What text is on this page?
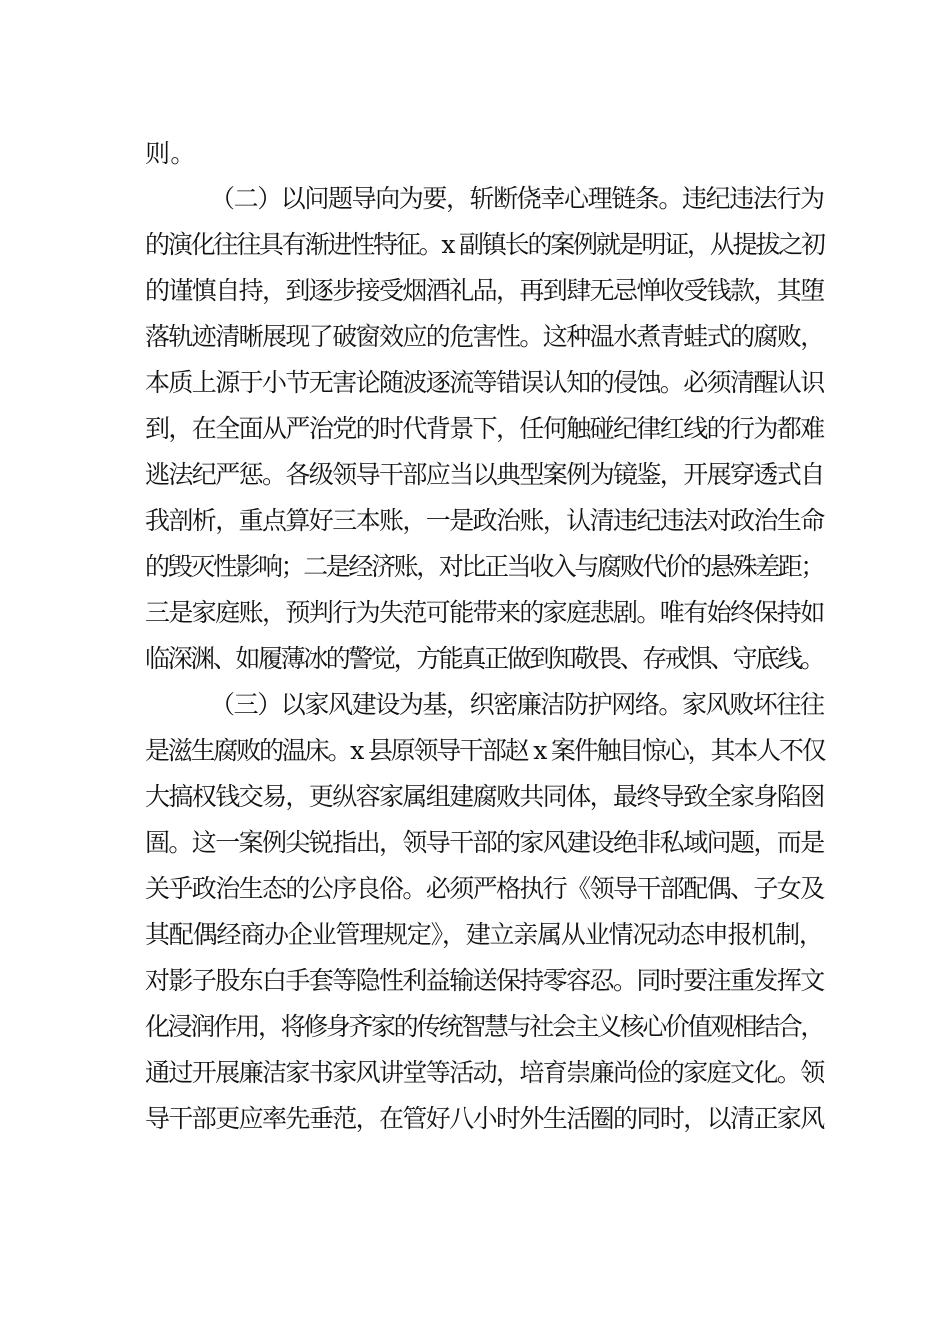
则。
（二）以问题导向为要，斩断侥幸心理链条。违纪违法行为
的演化往往具有渐进性特征。x 副镇长的案例就是明证，从提拔之初
的谨慎自持，到逐步接受烟酒礼品，再到肆无忌惮收受钱款，其堕
落轨迹清晰展现了破窗效应的危害性。这种温水煮青蛙式的腐败，
本质上源于小节无害论随波逐流等错误认知的侵蚀。必须清醒认识
到，在全面从严治党的时代背景下，任何触碰纪律红线的行为都难
逃法纪严惩。各级领导干部应当以典型案例为镜鉴，开展穿透式自
我剖析，重点算好三本账，一是政治账，认清违纪违法对政治生命
的毁灭性影响；二是经济账，对比正当收入与腐败代价的悬殊差距；
三是家庭账，预判行为失范可能带来的家庭悲剧。唯有始终保持如
临深渊、如履薄冰的警觉，方能真正做到知敬畏、存戒惧、守底线。
（三）以家风建设为基，织密廉洁防护网络。家风败坏往往
是滋生腐败的温床。x 县原领导干部赵 x 案件触目惊心，其本人不仅
大搞权钱交易，更纵容家属组建腐败共同体，最终导致全家身陷囹
圄。这一案例尖锐指出，领导干部的家风建设绝非私域问题，而是
关乎政治生态的公序良俗。必须严格执行《领导干部配偶、子女及
其配偶经商办企业管理规定》，建立亲属从业情况动态申报机制，
对影子股东白手套等隐性利益输送保持零容忍。同时要注重发挥文
化浸润作用，将修身齐家的传统智慧与社会主义核心价值观相结合，
通过开展廉洁家书家风讲堂等活动，培育崇廉尚俭的家庭文化。领
导干部更应率先垂范，在管好八小时外生活圈的同时，以清正家风
